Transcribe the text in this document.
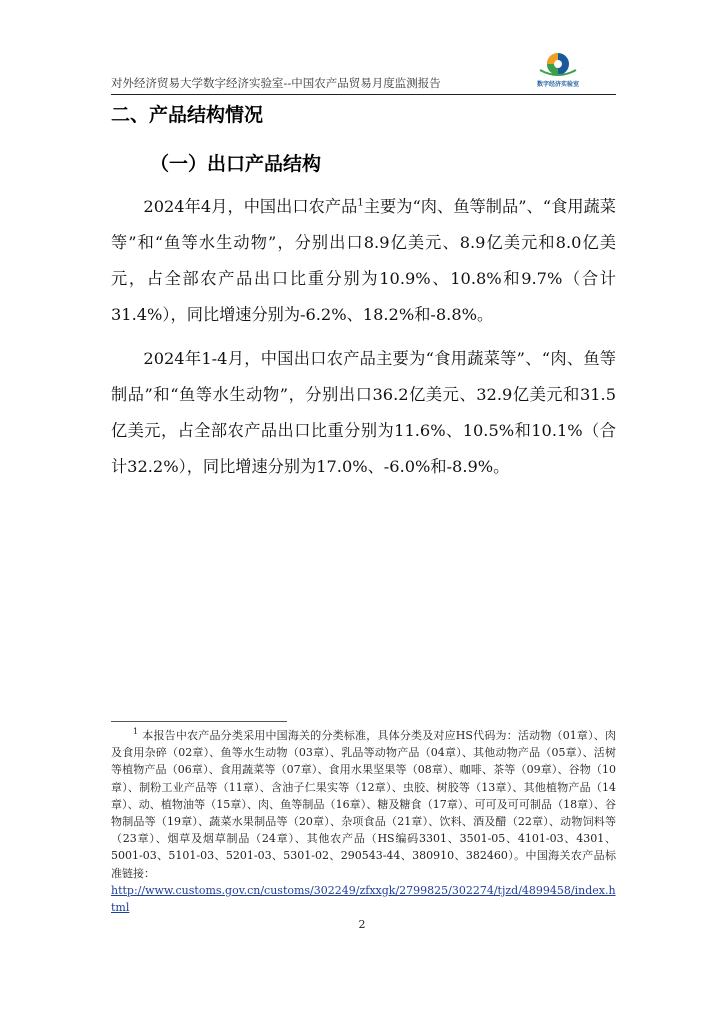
对外经济贸易大学数字经济实验室--中国农产品贸易月度监测报告	数字经济实验室
二、产品结构情况
（一）出口产品结构

2024年4月，中国出口农产品$^1$主要为“肉、鱼等制品”、“食用蔬菜等”和“鱼等水生动物”，分别出口8.9亿美元、8.9亿美元和8.0亿美元，占全部农产品出口比重分别为10.9%、10.8%和9.7%（合计31.4%），同比增速分别为-6.2%、18.2%和-8.8%。

2024年1-4月，中国出口农产品主要为“食用蔬菜等”、“肉、鱼等制品”和“鱼等水生动物”，分别出口36.2亿美元、32.9亿美元和31.5亿美元，占全部农产品出口比重分别为11.6%、10.5%和10.1%（合计32.2%），同比增速分别为17.0%、-6.0%和-8.9%。

$^1$ 本报告中农产品分类采用中国海关的分类标准，具体分类及对应HS代码为：活动物（01章）、肉及食用杂碎（02章）、鱼等水生动物（03章）、乳品等动物产品（04章）、其他动物产品（05章）、活树等植物产品（06章）、食用蔬菜等（07章）、食用水果坚果等（08章）、咖啡、茶等（09章）、谷物（10章）、制粉工业产品等（11章）、含油子仁果实等（12章）、虫胶、树胶等（13章）、其他植物产品（14章）、动、植物油等（15章）、肉、鱼等制品（16章）、糖及糖食（17章）、可可及可可制品（18章）、谷物制品等（19章）、蔬菜水果制品等（20章）、杂项食品（21章）、饮料、酒及醋（22章）、动物饲料等（23章）、烟草及烟草制品（24章）、其他农产品（HS编码3301、3501-05、4101-03、4301、5001-03、5101-03、5201-03、5301-02、290543-44、380910、382460）。中国海关农产品标准链接：
http://www.customs.gov.cn/customs/302249/zfxxgk/2799825/302274/tjzd/4899458/index.html

2
